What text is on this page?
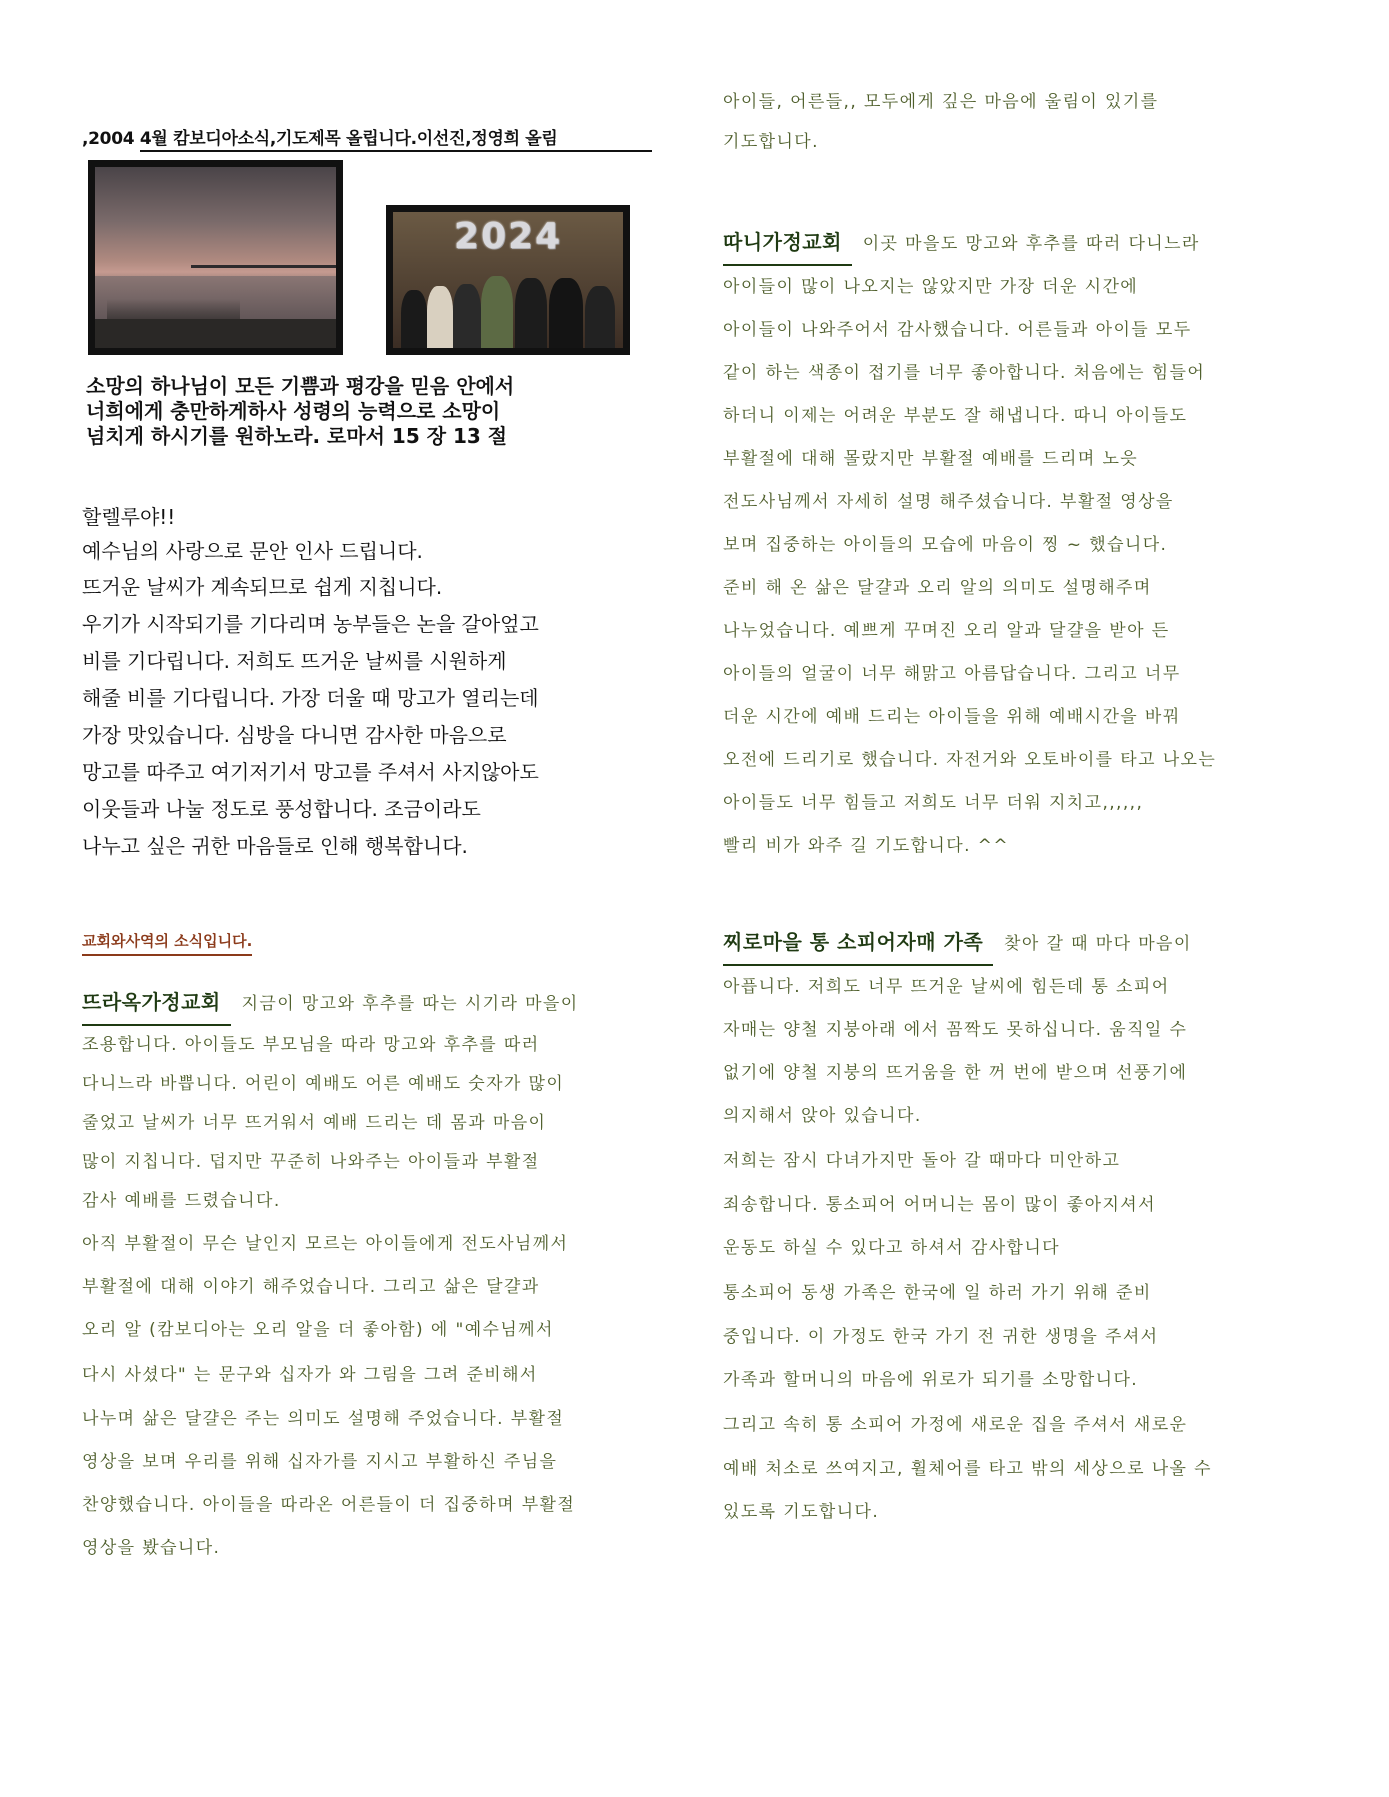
,2004 4월 캄보디아소식,기도제목 올립니다.이선진,정영희 올림
2024

소망의 하나님이 모든 기쁨과 평강을 믿음 안에서

너희에게 충만하게하사 성령의 능력으로 소망이

넘치게 하시기를 원하노라. 로마서 15 장 13 절

할렐루야!!

예수님의 사랑으로 문안 인사 드립니다.

뜨거운 날씨가 계속되므로 쉽게 지칩니다.

우기가 시작되기를 기다리며 농부들은 논을 갈아엎고

비를 기다립니다. 저희도 뜨거운 날씨를 시원하게

해줄 비를 기다립니다. 가장 더울 때 망고가 열리는데

가장 맛있습니다. 심방을 다니면 감사한 마음으로

망고를 따주고 여기저기서 망고를 주셔서 사지않아도

이웃들과 나눌 정도로 풍성합니다. 조금이라도

나누고 싶은 귀한 마음들로 인해 행복합니다.

교회와사역의 소식입니다.

뜨라옥가정교회 지금이 망고와 후추를 따는 시기라 마을이

조용합니다. 아이들도 부모님을 따라 망고와 후추를 따러

다니느라 바쁩니다. 어린이 예배도 어른 예배도 숫자가 많이

줄었고 날씨가 너무 뜨거워서 예배 드리는 데 몸과 마음이

많이 지칩니다. 덥지만 꾸준히 나와주는 아이들과 부활절

감사 예배를 드렸습니다.

아직 부활절이 무슨 날인지 모르는 아이들에게 전도사님께서

부활절에 대해 이야기 해주었습니다. 그리고 삶은 달걀과

오리 알 (캄보디아는 오리 알을 더 좋아함) 에 "예수님께서

다시 사셨다" 는 문구와 십자가 와 그림을 그려 준비해서

나누며 삶은 달걀은 주는 의미도 설명해 주었습니다. 부활절

영상을 보며 우리를 위해 십자가를 지시고 부활하신 주님을

찬양했습니다. 아이들을 따라온 어른들이 더 집중하며 부활절

영상을 봤습니다.

아이들, 어른들,, 모두에게 깊은 마음에 울림이 있기를

기도합니다.

따니가정교회 이곳 마을도 망고와 후추를 따러 다니느라

아이들이 많이 나오지는 않았지만 가장 더운 시간에

아이들이 나와주어서 감사했습니다. 어른들과 아이들 모두

같이 하는 색종이 접기를 너무 좋아합니다. 처음에는 힘들어

하더니 이제는 어려운 부분도 잘 해냅니다. 따니 아이들도

부활절에 대해 몰랐지만 부활절 예배를 드리며 노읏

전도사님께서 자세히 설명 해주셨습니다. 부활절 영상을

보며 집중하는 아이들의 모습에 마음이 찡 ~ 했습니다.

준비 해 온 삶은 달걀과 오리 알의 의미도 설명해주며

나누었습니다. 예쁘게 꾸며진 오리 알과 달걀을 받아 든

아이들의 얼굴이 너무 해맑고 아름답습니다. 그리고 너무

더운 시간에 예배 드리는 아이들을 위해 예배시간을 바꿔

오전에 드리기로 했습니다. 자전거와 오토바이를 타고 나오는

아이들도 너무 힘들고 저희도 너무 더워 지치고,,,,,,

빨리 비가 와주 길 기도합니다. ^^

찌로마을 통 소피어자매 가족 찾아 갈 때 마다 마음이

아픕니다. 저희도 너무 뜨거운 날씨에 힘든데 통 소피어

자매는 양철 지붕아래 에서 꼼짝도 못하십니다. 움직일 수

없기에 양철 지붕의 뜨거움을 한 꺼 번에 받으며 선풍기에

의지해서 앉아 있습니다.

저희는 잠시 다녀가지만 돌아 갈 때마다 미안하고

죄송합니다. 통소피어 어머니는 몸이 많이 좋아지셔서

운동도 하실 수 있다고 하셔서 감사합니다

통소피어 동생 가족은 한국에 일 하러 가기 위해 준비

중입니다. 이 가정도 한국 가기 전 귀한 생명을 주셔서

가족과 할머니의 마음에 위로가 되기를 소망합니다.

그리고 속히 통 소피어 가정에 새로운 집을 주셔서 새로운

예배 처소로 쓰여지고, 휠체어를 타고 밖의 세상으로 나올 수

있도록 기도합니다.
